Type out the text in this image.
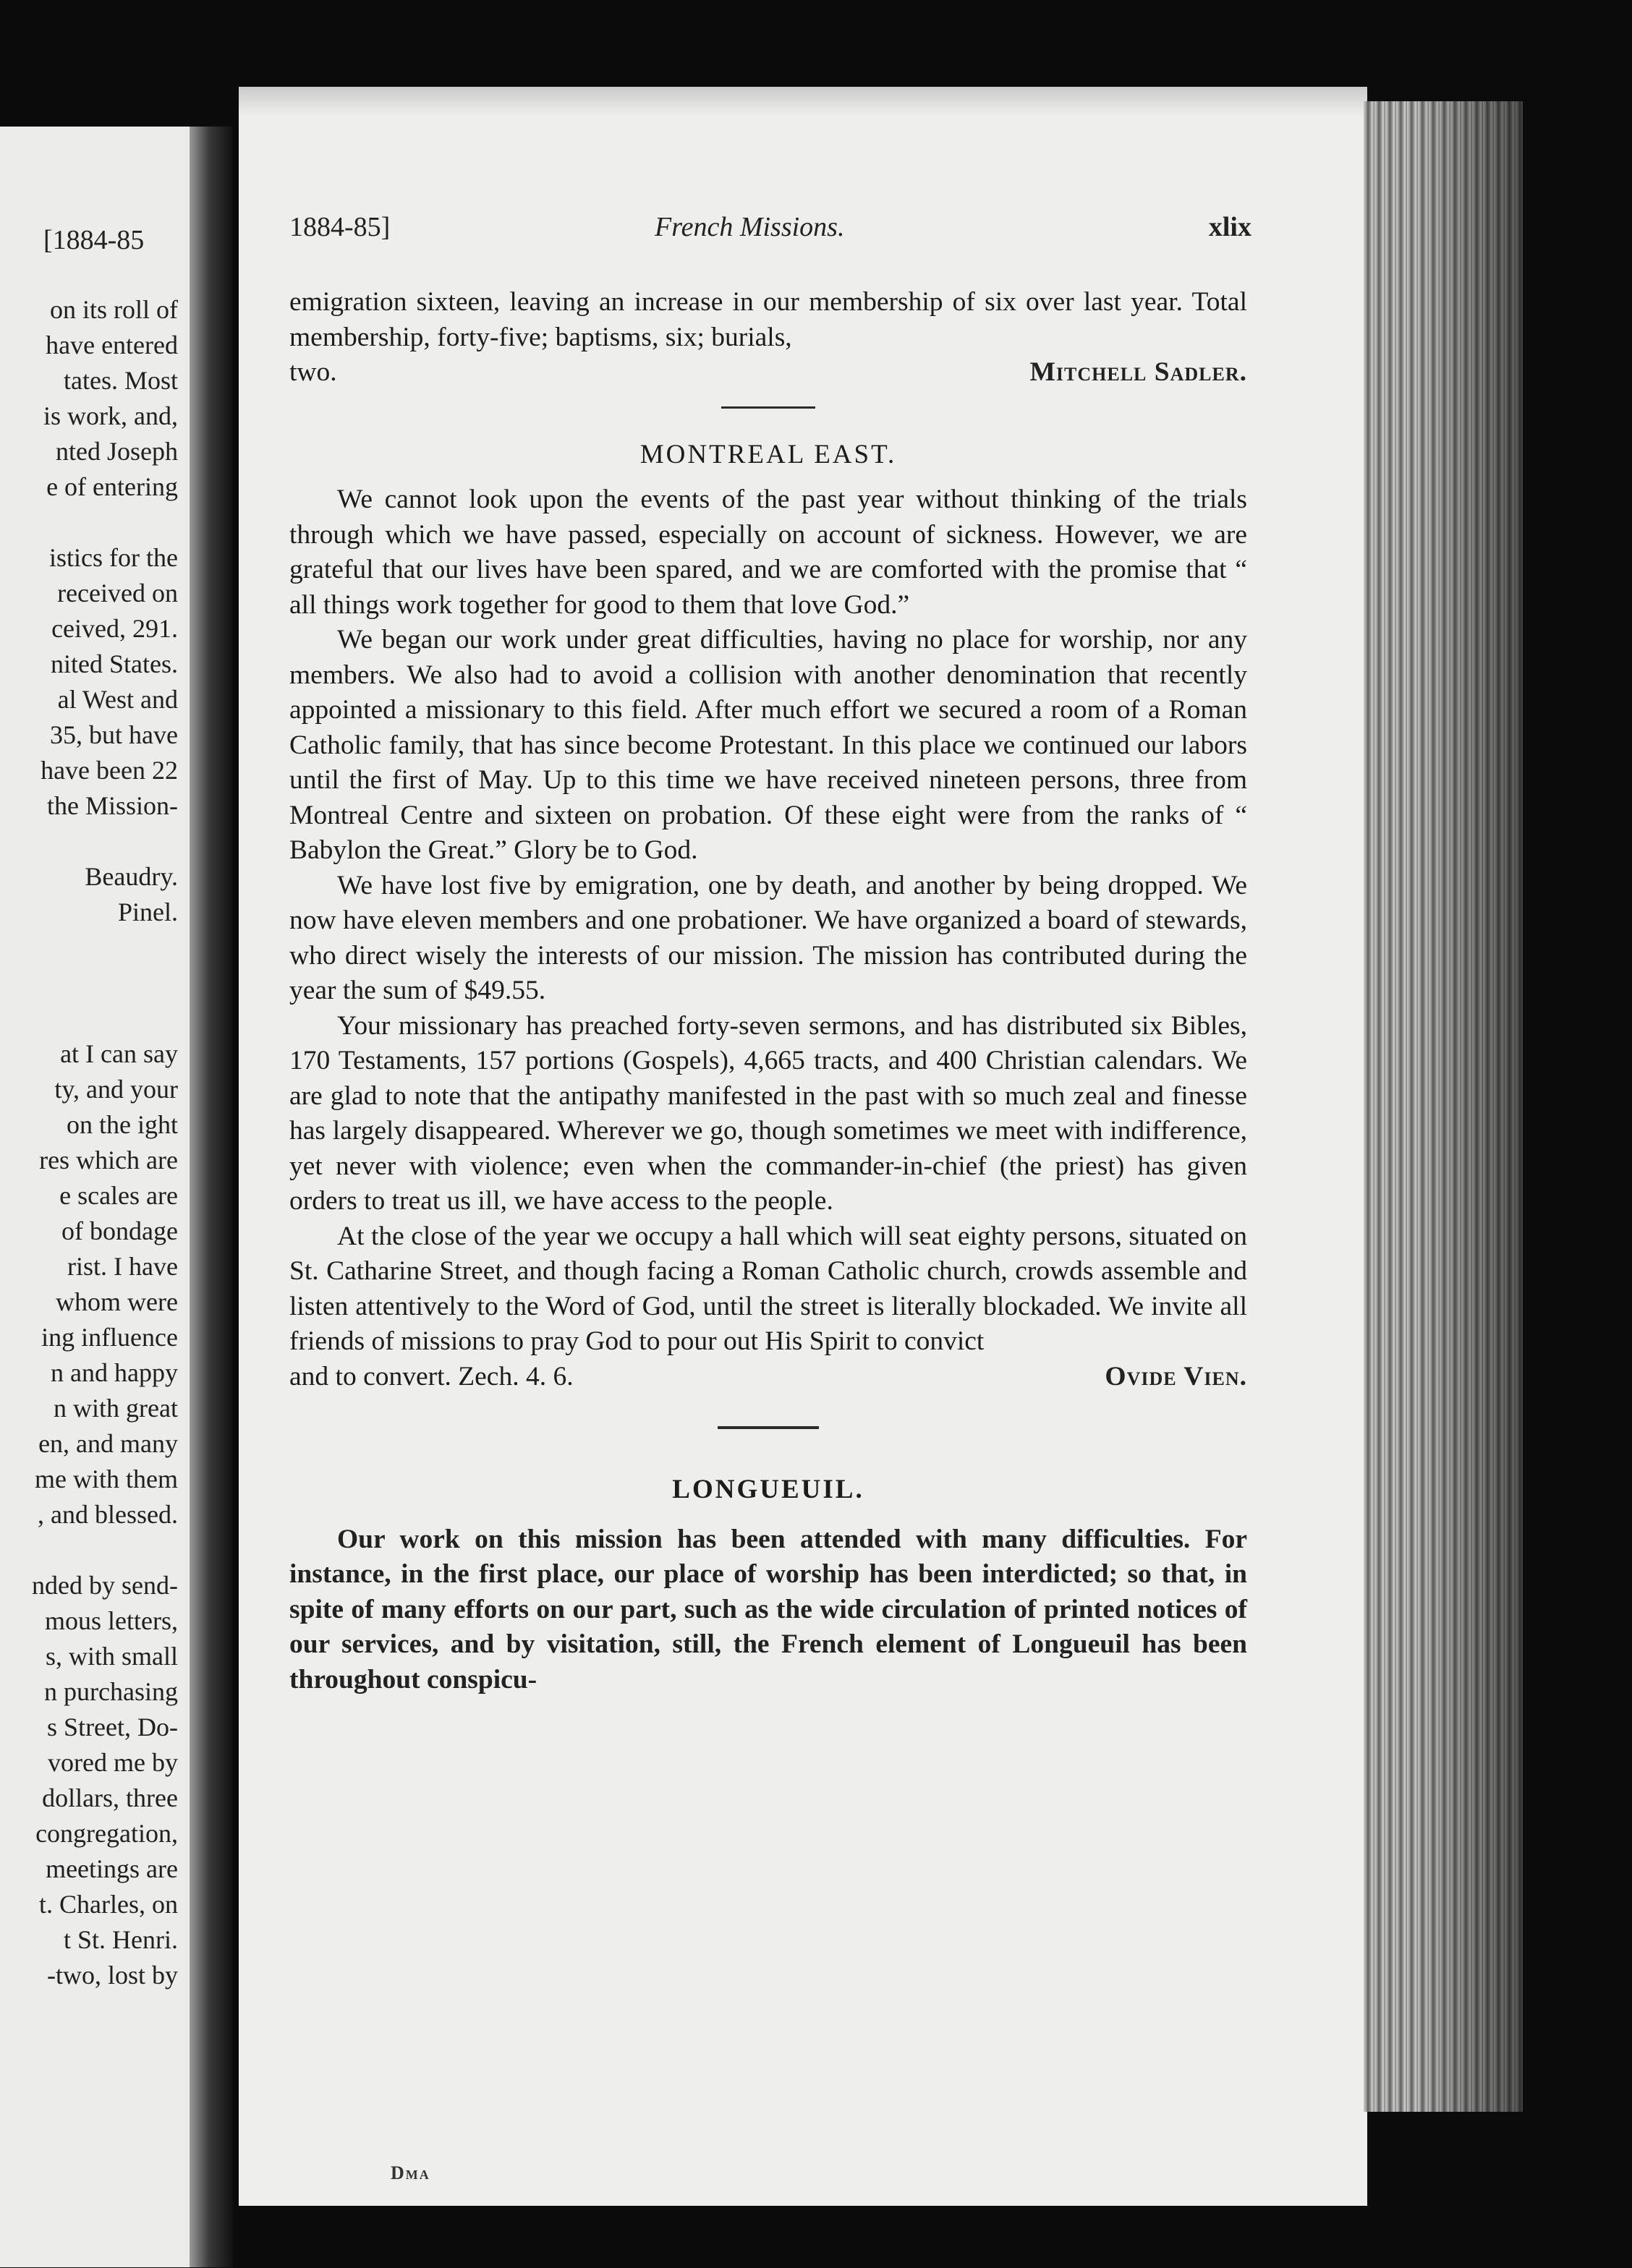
[1884-85

on its roll of

have entered

tates. Most

is work, and,

nted Joseph

e of entering

istics for the

received on

ceived, 291.

nited States.

al West and

35, but have

have been 22

the Mission-

Beaudry.

Pinel.

at I can say

ty, and your

on the ight

res which are

e scales are

of bondage

rist. I have

whom were

ing influence

n and happy

n with great

en, and many

me with them

, and blessed.

nded by send-

mous letters,

s, with small

n purchasing

s Street, Do-

vored me by

dollars, three

congregation,

meetings are

t. Charles, on

t St. Henri.

-two, lost by

1884-85]	French Missions.	xlix

emigration sixteen, leaving an increase in our membership of six over last year. Total membership, forty-five; baptisms, six; burials,

two.	Mitchell Sadler.
MONTREAL EAST.

We cannot look upon the events of the past year without thinking of the trials through which we have passed, especially on account of sickness. However, we are grateful that our lives have been spared, and we are comforted with the promise that “ all things work together for good to them that love God.”

We began our work under great difficulties, having no place for worship, nor any members. We also had to avoid a collision with another denomination that recently appointed a missionary to this field. After much effort we secured a room of a Roman Catholic family, that has since become Protestant. In this place we continued our labors until the first of May. Up to this time we have received nineteen persons, three from Montreal Centre and sixteen on probation. Of these eight were from the ranks of “ Babylon the Great.” Glory be to God.

We have lost five by emigration, one by death, and another by being dropped. We now have eleven members and one probationer. We have organized a board of stewards, who direct wisely the interests of our mission. The mission has contributed during the year the sum of $49.55.

Your missionary has preached forty-seven sermons, and has distributed six Bibles, 170 Testaments, 157 portions (Gospels), 4,665 tracts, and 400 Christian calendars. We are glad to note that the antipathy manifested in the past with so much zeal and finesse has largely disappeared. Wherever we go, though sometimes we meet with indifference, yet never with violence; even when the commander-in-chief (the priest) has given orders to treat us ill, we have access to the people.

At the close of the year we occupy a hall which will seat eighty persons, situated on St. Catharine Street, and though facing a Roman Catholic church, crowds assemble and listen attentively to the Word of God, until the street is literally blockaded. We invite all friends of missions to pray God to pour out His Spirit to convict

and to convert. Zech. 4. 6.	Ovide Vien.
LONGUEUIL.

Our work on this mission has been attended with many difficulties. For instance, in the first place, our place of worship has been interdicted; so that, in spite of many efforts on our part, such as the wide circulation of printed notices of our services, and by visitation, still, the French element of Longueuil has been throughout conspicu-

Dma
